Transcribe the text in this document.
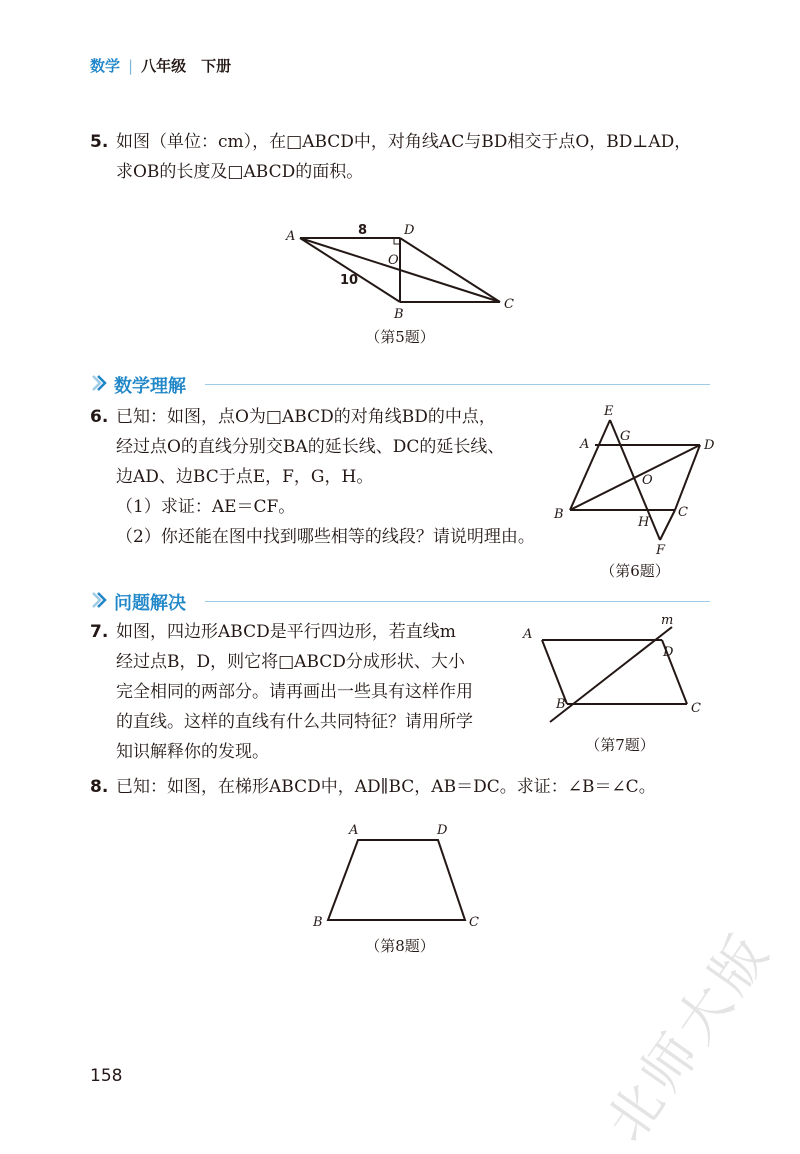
数学 | 八年级　下册
5. 如图（单位：cm），在□ABCD中，对角线AC与BD相交于点O，BD⊥AD，
求OB的长度及□ABCD的面积。
A	D
O
C
B
8
10
（第5题）
数学理解
6. 已知：如图，点O为□ABCD的对角线BD的中点，
经过点O的直线分别交BA的延长线、DC的延长线、
边AD、边BC于点E，F，G，H。
（1）求证：AE＝CF。
（2）你还能在图中找到哪些相等的线段？请说明理由。
E
A
G
D
O
B
H
C
F
（第6题）
问题解决
7. 如图，四边形ABCD是平行四边形，若直线m
经过点B，D，则它将□ABCD分成形状、大小
完全相同的两部分。请再画出一些具有这样作用
的直线。这样的直线有什么共同特征？请用所学
知识解释你的发现。
A
m
D
B	C
（第7题）
8. 已知：如图，在梯形ABCD中，AD∥BC，AB＝DC。求证：∠B＝∠C。
A	D
B	C
（第8题）	北师大版
158
